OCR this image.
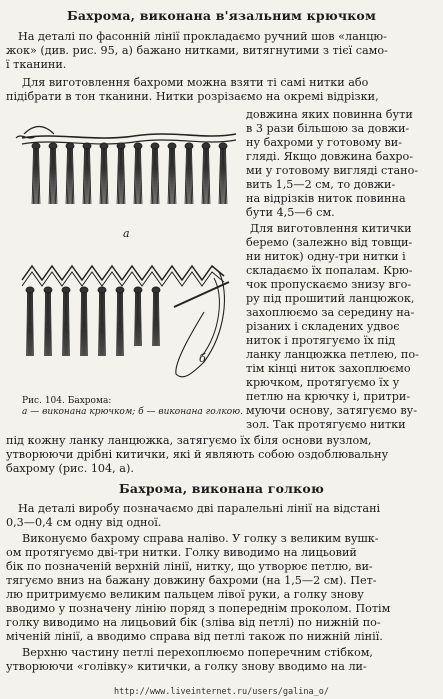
Бахрома, виконана в'язальним крючком
На деталі по фасонній лінії прокладаємо ручний шов «ланцю-
жок» (див. рис. 95, а) бажано нитками, витягнутими з тієї само-
ї тканини.
Для виготовлення бахроми можна взяти ті самі нитки або
підібрати в тон тканини. Нитки розрізаємо на окремі відрізки,
довжина яких повинна бути
в 3 рази більшою за довжи-
ну бахроми у готовому ви-
гляді. Якщо довжина бахро-
ми у готовому вигляді стано-
вить 1,5—2 см, то довжи-
на відрізків ниток повинна
бути 4,5—6 см.
Для виготовлення китички
беремо (залежно від товщи-
ни ниток) одну-три нитки і
складаємо їх попалам. Крю-
чок пропускаємо знизу вго-
ру під прошитий ланцюжок,
захоплюємо за середину на-
різаних і складених удвоє
ниток і протягуємо їх під
ланку ланцюжка петлею, по-
тім кінці ниток захоплюємо
крючком, протягуємо їх у
петлю на крючку і, притри-
муючи основу, затягуємо ву-
зол. Так протягуємо нитки
під кожну ланку ланцюжка, затягуємо їх біля основи вузлом,
утворюючи дрібні китички, які й являють собою оздоблювальну
бахрому (рис. 104, а).
а
б
Рис. 104. Бахрома:
а — виконана крючком; б — виконана голкою.
Бахрома, виконана голкою
На деталі виробу позначаємо дві паралельні лінії на відстані
0,3—0,4 см одну від одної.
Виконуємо бахрому справа наліво. У голку з великим вушк-
ом протягуємо дві-три нитки. Голку виводимо на лицьовий
бік по позначеній верхній лінії, нитку, що утворює петлю, ви-
тягуємо вниз на бажану довжину бахроми (на 1,5—2 см). Пет-
лю притримуємо великим пальцем лівої руки, а голку знову
вводимо у позначену лінію поряд з попереднім проколом. Потім
голку виводимо на лицьовий бік (зліва від петлі) по нижній по-
міченій лінії, а вводимо справа від петлі також по нижній лінії.
Верхню частину петлі перехоплюємо поперечним стібком,
утворюючи «голівку» китички, а голку знову вводимо на ли-
http://www.liveinternet.ru/users/galina_o/
